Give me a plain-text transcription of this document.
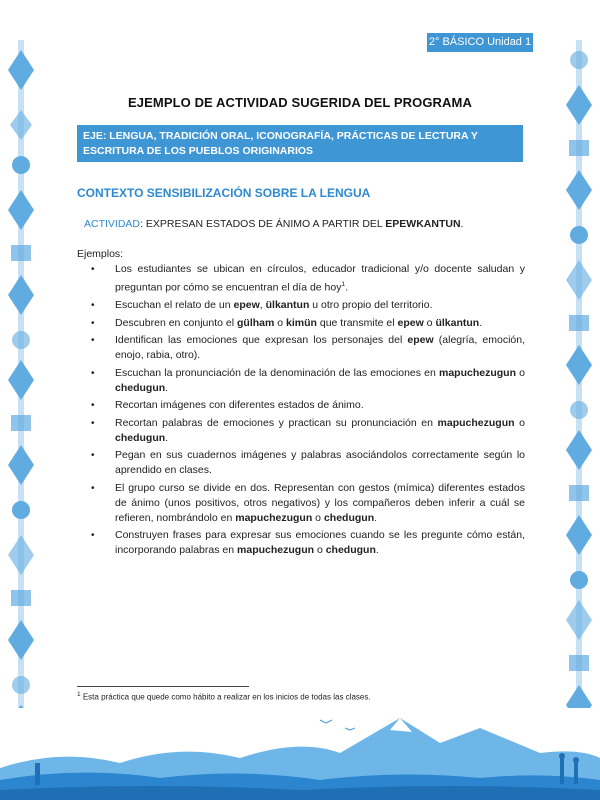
2° BÁSICO Unidad 1
EJEMPLO DE ACTIVIDAD SUGERIDA DEL PROGRAMA
EJE: LENGUA, TRADICIÓN ORAL, ICONOGRAFÍA, PRÁCTICAS DE LECTURA Y ESCRITURA DE LOS PUEBLOS ORIGINARIOS
CONTEXTO SENSIBILIZACIÓN SOBRE LA LENGUA
ACTIVIDAD: EXPRESAN ESTADOS DE ÁNIMO A PARTIR DEL EPEWKANTUN.
Ejemplos:
• Los estudiantes se ubican en círculos, educador tradicional y/o docente saludan y preguntan por cómo se encuentran el día de hoy$^1$.
• Escuchan el relato de un epew, ülkantun u otro propio del territorio.
• Descubren en conjunto el gülham o kimün que transmite el epew o ülkantun.
• Identifican las emociones que expresan los personajes del epew (alegría, emoción, enojo, rabia, otro).
• Escuchan la pronunciación de la denominación de las emociones en mapuchezugun o chedugun.
• Recortan imágenes con diferentes estados de ánimo.
• Recortan palabras de emociones y practican su pronunciación en mapuchezugun o chedugun.
• Pegan en sus cuadernos imágenes y palabras asociándolos correctamente según lo aprendido en clases.
• El grupo curso se divide en dos. Representan con gestos (mímica) diferentes estados de ánimo (unos positivos, otros negativos) y los compañeros deben inferir a cuál se refieren, nombrándolo en mapuchezugun o chedugun.
• Construyen frases para expresar sus emociones cuando se les pregunte cómo están, incorporando palabras en mapuchezugun o chedugun.
$^1$ Esta práctica que quede como hábito a realizar en los inicios de todas las clases.
